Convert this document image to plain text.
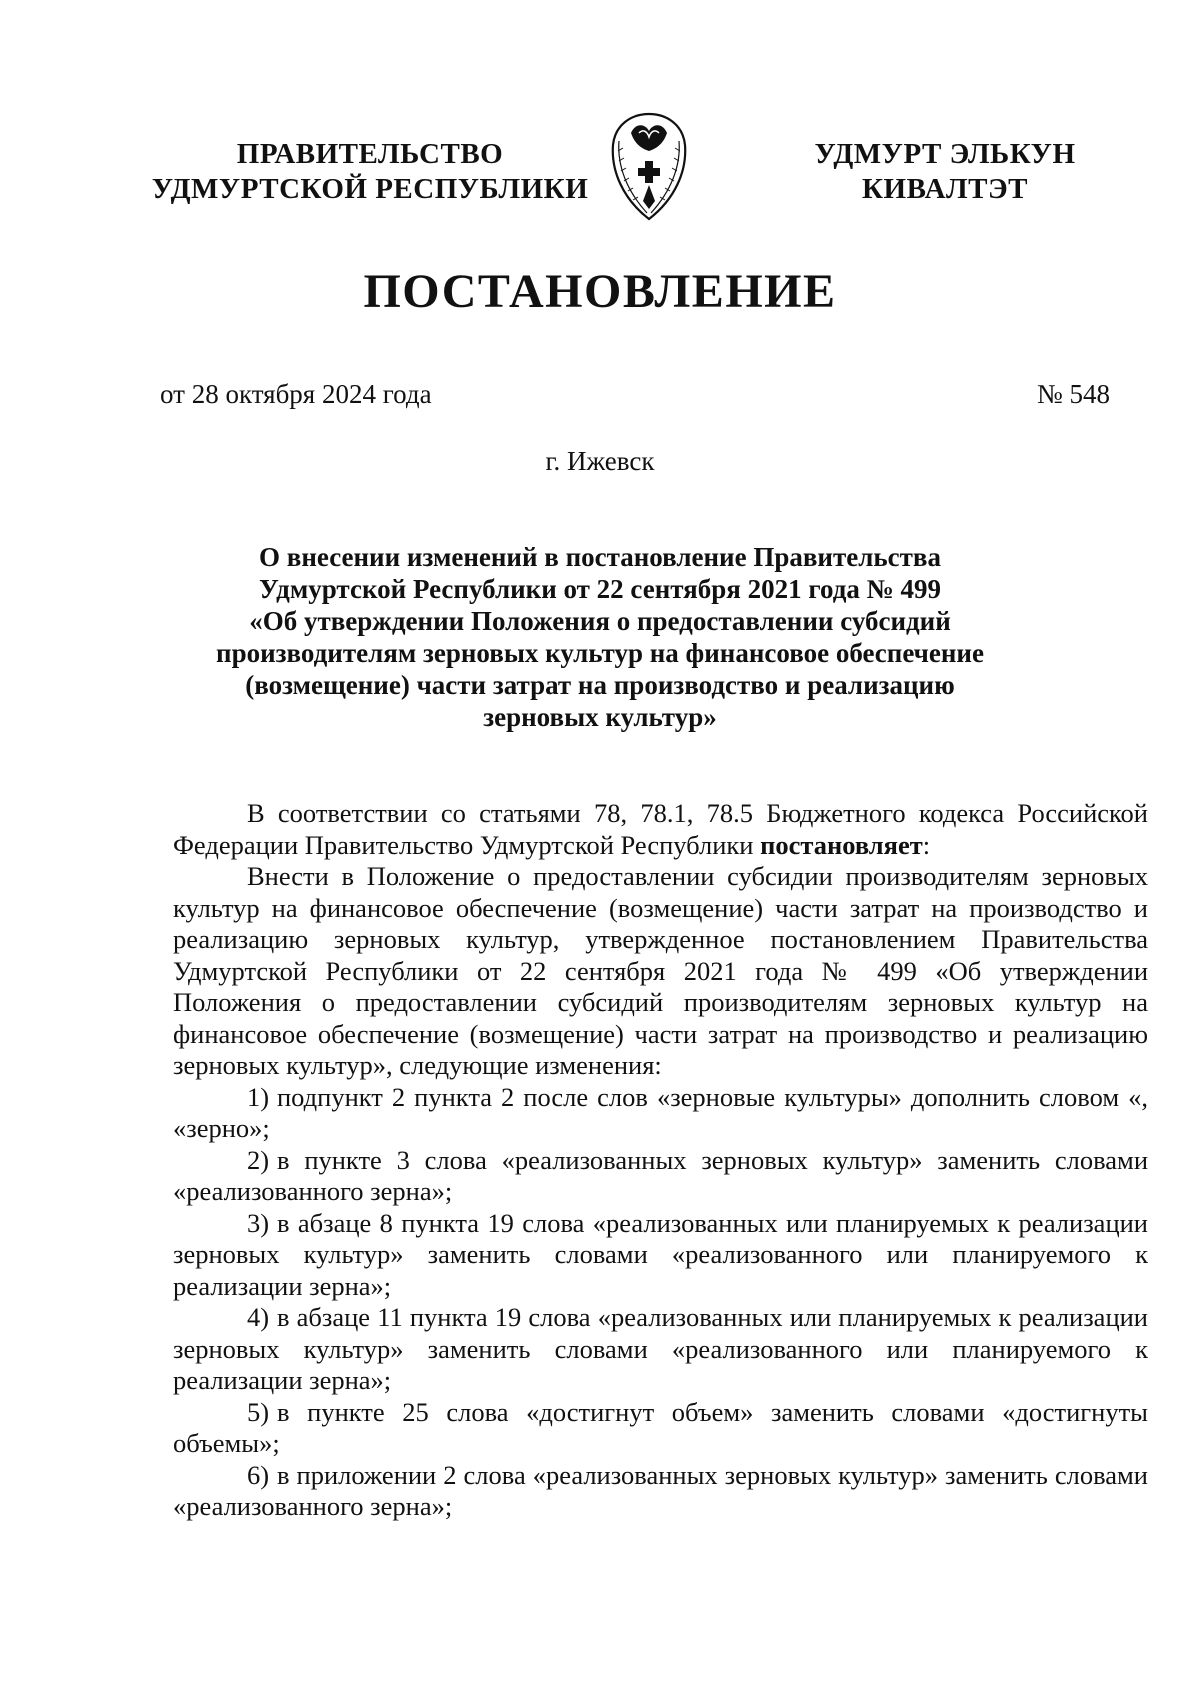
ПРАВИТЕЛЬСТВО
УДМУРТСКОЙ РЕСПУБЛИКИ
УДМУРТ ЭЛЬКУН
КИВАЛТЭТ
ПОСТАНОВЛЕНИЕ
от 28 октября 2024 года	№ 548
г. Ижевск
О внесении изменений в постановление Правительства
Удмуртской Республики от 22 сентября 2021 года № 499
«Об утверждении Положения о предоставлении субсидий
производителям зерновых культур на финансовое обеспечение
(возмещение) части затрат на производство и реализацию
зерновых культур»

В соответствии со статьями 78, 78.1, 78.5 Бюджетного кодекса Российской Федерации Правительство Удмуртской Республики постановляет:

Внести в Положение о предоставлении субсидии производителям зерновых культур на финансовое обеспечение (возмещение) части затрат на производство и реализацию зерновых культур, утвержденное постановлением Правительства Удмуртской Республики от 22 сентября 2021 года № 499 «Об утверждении Положения о предоставлении субсидий производителям зерновых культур на финансовое обеспечение (возмещение) части затрат на производство и реализацию зерновых культур», следующие изменения:

1) подпункт 2 пункта 2 после слов «зерновые культуры» дополнить словом «, «зерно»;

2) в пункте 3 слова «реализованных зерновых культур» заменить словами «реализованного зерна»;

3) в абзаце 8 пункта 19 слова «реализованных или планируемых к реализации зерновых культур» заменить словами «реализованного или планируемого к реализации зерна»;

4) в абзаце 11 пункта 19 слова «реализованных или планируемых к реализации зерновых культур» заменить словами «реализованного или планируемого к реализации зерна»;

5) в пункте 25 слова «достигнут объем» заменить словами «достигнуты объемы»;

6) в приложении 2 слова «реализованных зерновых культур» заменить словами «реализованного зерна»;
